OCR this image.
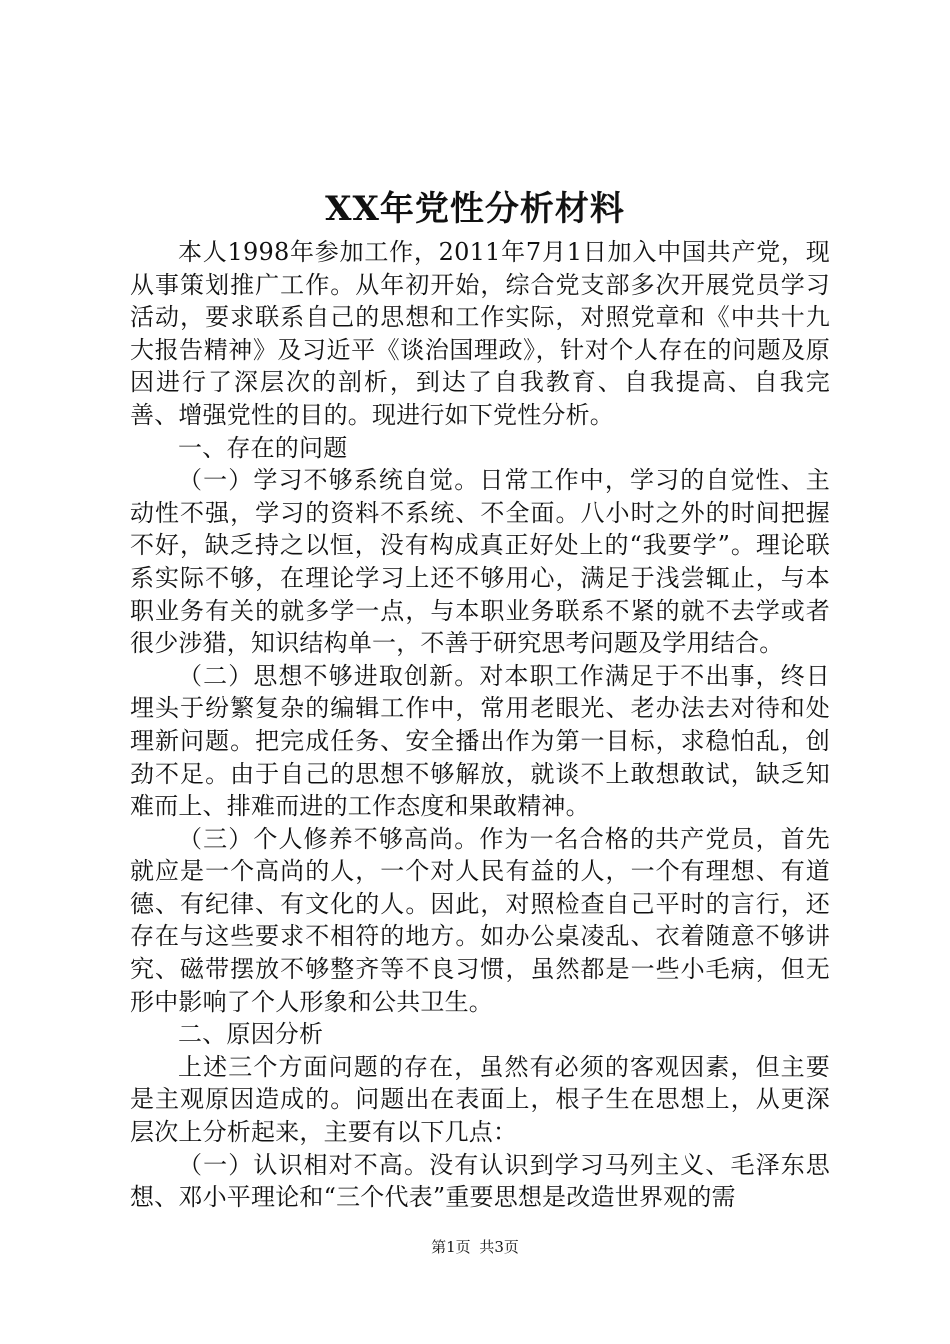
XX年党性分析材料

本人1998年参加工作，2011年7月1日加入中国共产党，现从事策划推广工作。从年初开始，综合党支部多次开展党员学习活动，要求联系自己的思想和工作实际，对照党章和《中共十九大报告精神》及习近平《谈治国理政》，针对个人存在的问题及原因进行了深层次的剖析，到达了自我教育、自我提高、自我完善、增强党性的目的。现进行如下党性分析。

一、存在的问题

（一）学习不够系统自觉。日常工作中，学习的自觉性、主动性不强，学习的资料不系统、不全面。八小时之外的时间把握不好，缺乏持之以恒，没有构成真正好处上的“我要学”。理论联系实际不够，在理论学习上还不够用心，满足于浅尝辄止，与本职业务有关的就多学一点，与本职业务联系不紧的就不去学或者很少涉猎，知识结构单一，不善于研究思考问题及学用结合。

（二）思想不够进取创新。对本职工作满足于不出事，终日埋头于纷繁复杂的编辑工作中，常用老眼光、老办法去对待和处理新问题。把完成任务、安全播出作为第一目标，求稳怕乱，创劲不足。由于自己的思想不够解放，就谈不上敢想敢试，缺乏知难而上、排难而进的工作态度和果敢精神。

（三）个人修养不够高尚。作为一名合格的共产党员，首先就应是一个高尚的人，一个对人民有益的人，一个有理想、有道德、有纪律、有文化的人。因此，对照检查自己平时的言行，还存在与这些要求不相符的地方。如办公桌凌乱、衣着随意不够讲究、磁带摆放不够整齐等不良习惯，虽然都是一些小毛病，但无形中影响了个人形象和公共卫生。

二、原因分析

上述三个方面问题的存在，虽然有必须的客观因素，但主要是主观原因造成的。问题出在表面上，根子生在思想上，从更深层次上分析起来，主要有以下几点：

（一）认识相对不高。没有认识到学习马列主义、毛泽东思想、邓小平理论和“三个代表”重要思想是改造世界观的需

第1页 共3页
